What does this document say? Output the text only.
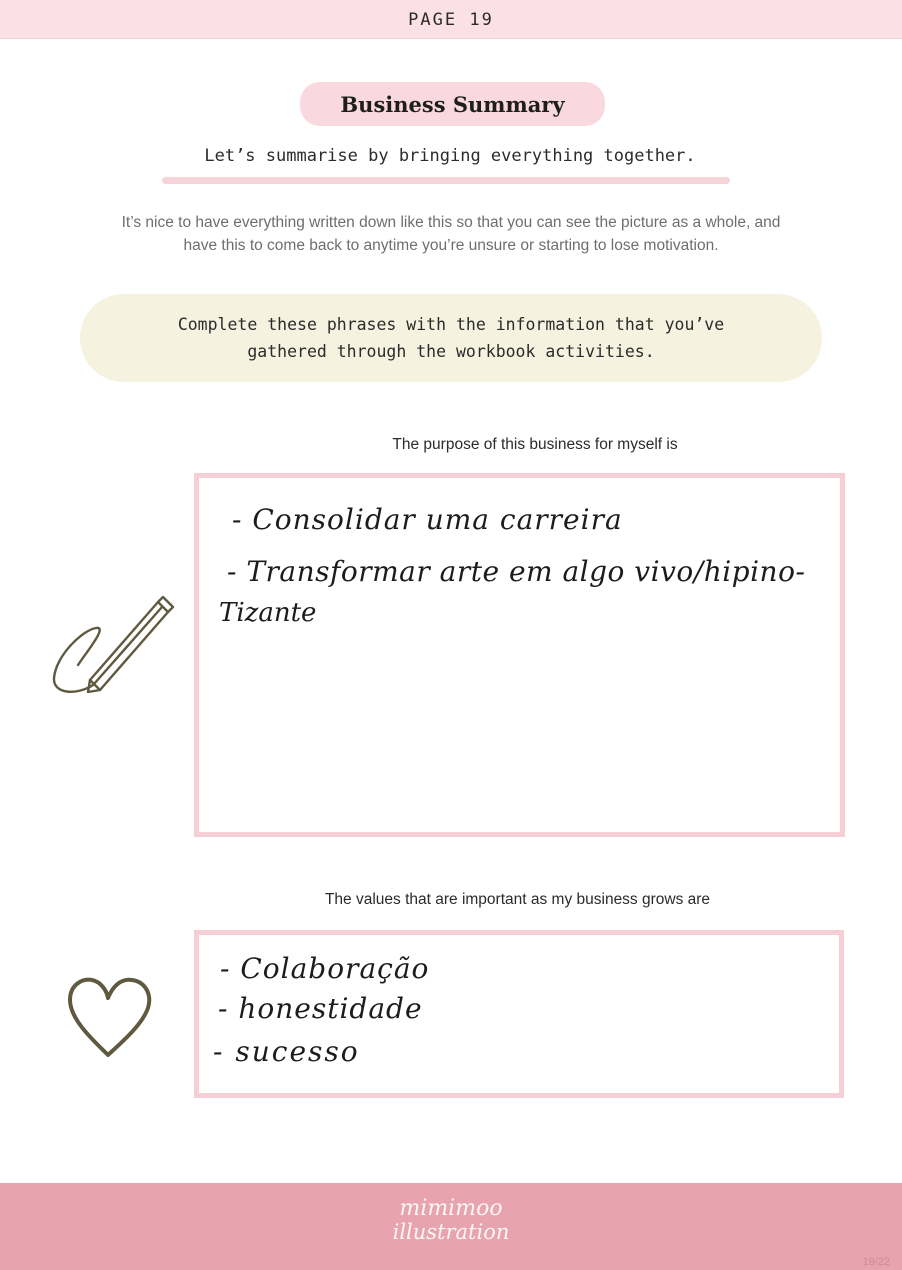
PAGE 19
Business Summary
Let’s summarise by bringing everything together.
It’s nice to have everything written down like this so that you can see the picture as a whole, and
have this to come back to anytime you’re unsure or starting to lose motivation.
Complete these phrases with the information that you’ve
gathered through the workbook activities.
The purpose of this business for myself is
- Consolidar uma carreira
- Transformar arte em algo vivo/hipino-
Tizante
The values that are important as my business grows are
- Colaboração
- honestidade
- sucesso
mimimoo
illustration
19/22
